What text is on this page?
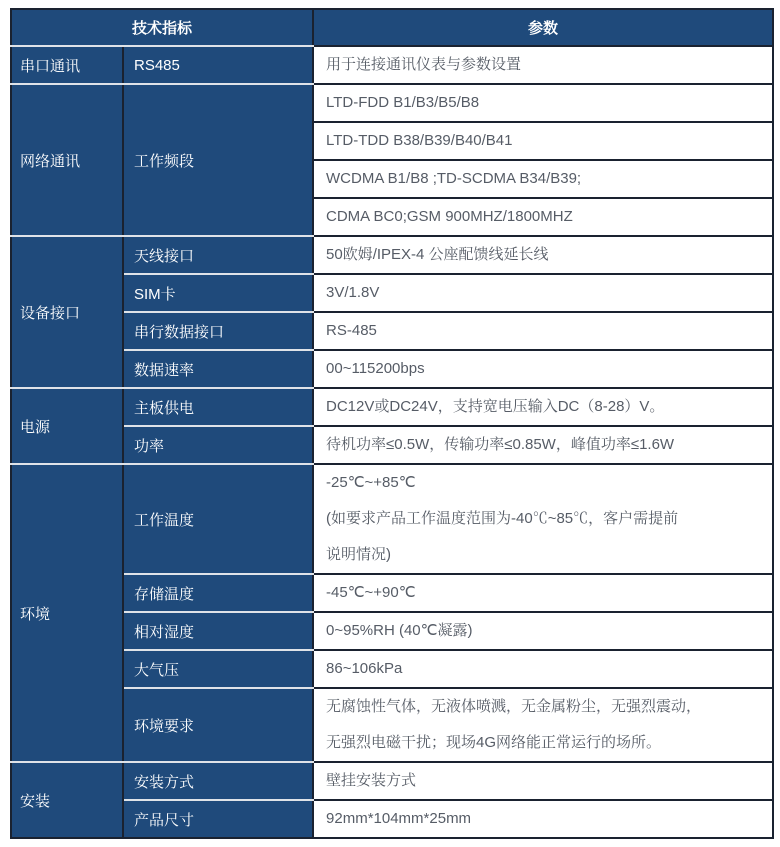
技术指标		参数
串口通讯	RS485	用于连接通讯仪表与参数设置

网络通讯	工作频段	LTD-FDD B1/B3/B5/B8

		LTD-TDD B38/B39/B40/B41

		WCDMA B1/B8 ;TD-SCDMA B34/B39;

		CDMA BC0;GSM 900MHZ/1800MHZ

设备接口	天线接口	50欧姆/IPEX-4 公座配馈线延长线

	SIM卡	3V/1.8V

	串行数据接口	RS-485

	数据速率	00~115200bps

电源	主板供电	DC12V或DC24V，支持宽电压输入DC（8-28）V。

	功率	待机功率≤0.5W，传输功率≤0.85W，峰值功率≤1.6W

环境	工作温度	-25℃~+85℃
(如要求产品工作温度范围为-40℃~85℃，客户需提前
说明情况)

	存储温度	-45℃~+90℃

	相对湿度	0~95%RH (40℃凝露)

	大气压	86~106kPa

	环境要求	无腐蚀性气体，无液体喷溅，无金属粉尘，无强烈震动，
无强烈电磁干扰；现场4G网络能正常运行的场所。

安装	安装方式	壁挂安装方式

	产品尺寸	92mm*104mm*25mm
